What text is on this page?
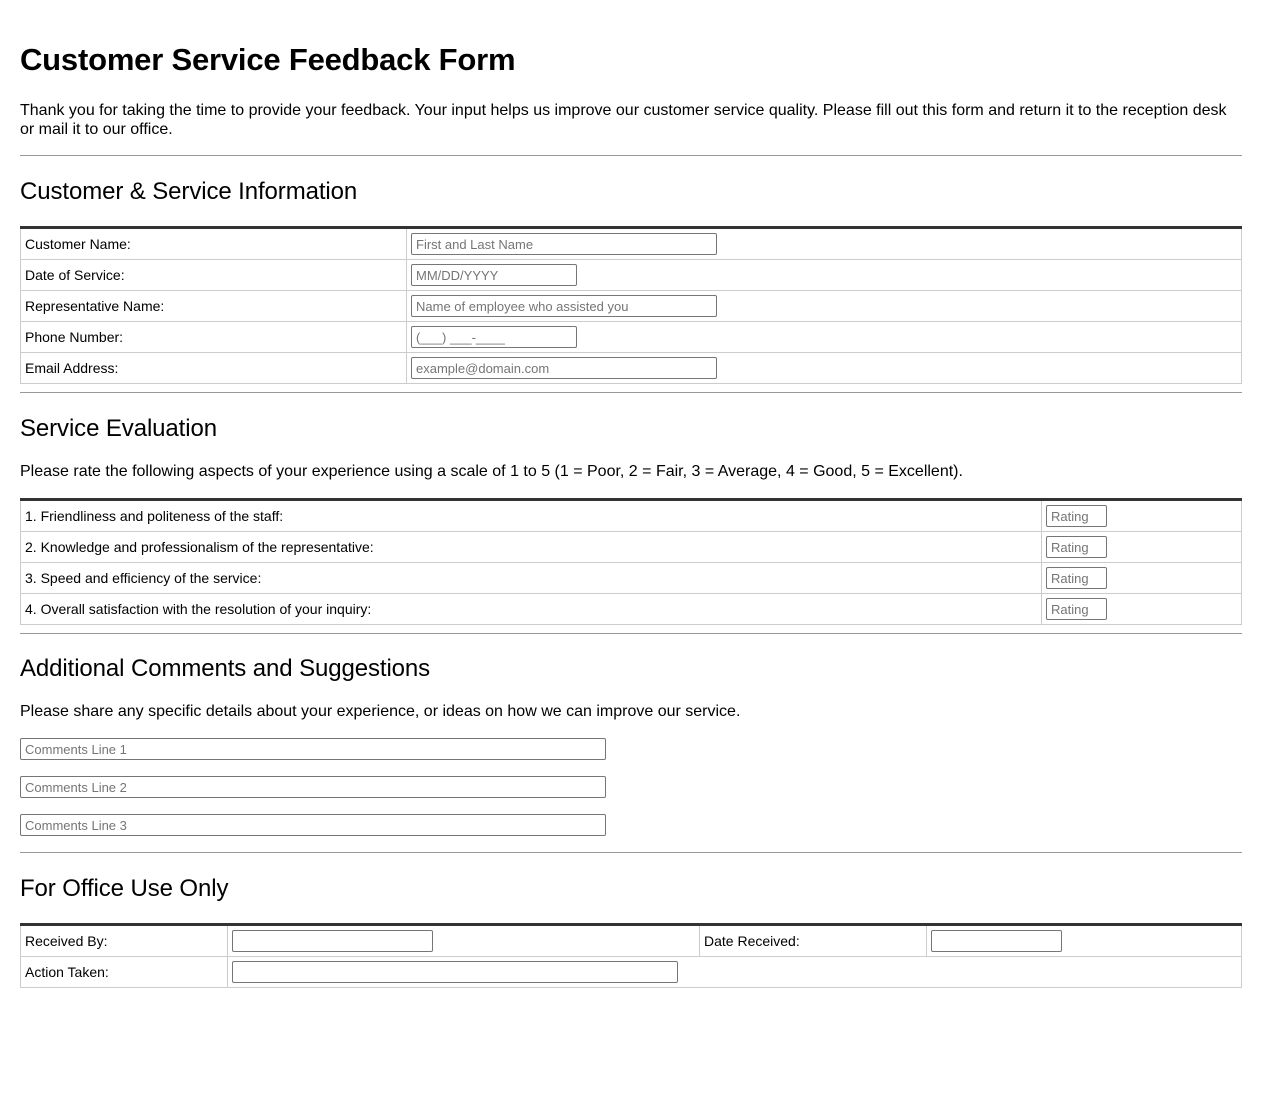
Customer Service Feedback Form

Thank you for taking the time to provide your feedback. Your input helps us improve our customer service quality. Please fill out this form and return it to the reception desk or mail it to our office.

Customer & Service Information
Customer Name:	
First and Last Name
Date of Service:	
MM/DD/YYYY
Representative Name:	
Name of employee who assisted you
Phone Number:	
(___) ___-____
Email Address:	
example@domain.com
Service Evaluation

Please rate the following aspects of your experience using a scale of 1 to 5 (1 = Poor, 2 = Fair, 3 = Average, 4 = Good, 5 = Excellent).

1. Friendliness and politeness of the staff:	
Rating
2. Knowledge and professionalism of the representative:	
Rating
3. Speed and efficiency of the service:	
Rating
4. Overall satisfaction with the resolution of your inquiry:	
Rating
Additional Comments and Suggestions

Please share any specific details about your experience, or ideas on how we can improve our service.

Comments Line 1
Comments Line 2
Comments Line 3
For Office Use Only
Received By:		Date Received:	

Action Taken:	
